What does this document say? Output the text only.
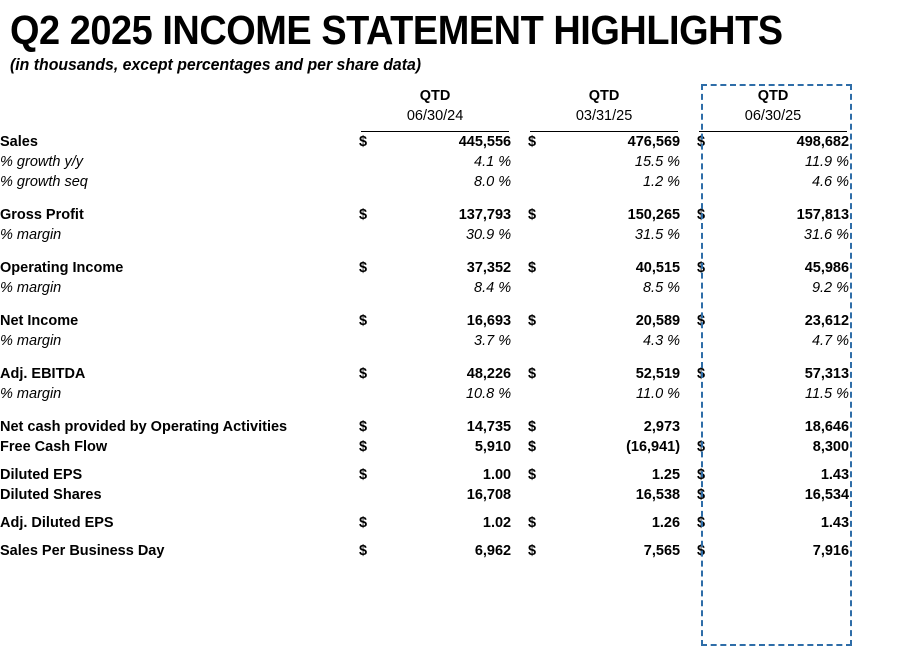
Q2 2025 INCOME STATEMENT HIGHLIGHTS
(in thousands, except percentages and per share data)
	QTD			QTD			QTD		
	06/30/24			03/31/25			06/30/25		

Sales	$	445,556		$	476,569		$	498,682	
% growth y/y		4.1 %			15.5 %			11.9 %	
% growth seq		8.0 %			1.2 %			4.6 %	

Gross Profit	$	137,793		$	150,265		$	157,813	
% margin		30.9 %			31.5 %			31.6 %	

Operating Income	$	37,352		$	40,515		$	45,986	
% margin		8.4 %			8.5 %			9.2 %	

Net Income	$	16,693		$	20,589		$	23,612	
% margin		3.7 %			4.3 %			4.7 %	

Adj. EBITDA	$	48,226		$	52,519		$	57,313	
% margin		10.8 %			11.0 %			11.5 %	

Net cash provided by Operating Activities	$	14,735		$	2,973			18,646	
Free Cash Flow	$	5,910		$	(16,941)		$	8,300	

Diluted EPS	$	1.00		$	1.25		$	1.43	
Diluted Shares		16,708			16,538		$	16,534	

Adj. Diluted EPS	$	1.02		$	1.26		$	1.43	

Sales Per Business Day	$	6,962		$	7,565		$	7,916	
